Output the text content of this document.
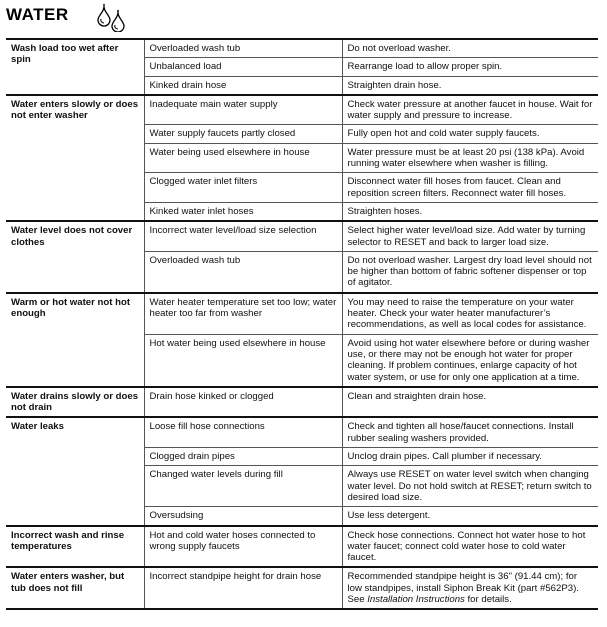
WATER
Wash load too wet after spin	Overloaded wash tub	Do not overload washer.
	Unbalanced load	Rearrange load to allow proper spin.
	Kinked drain hose	Straighten drain hose.
Water enters slowly or does not enter washer	Inadequate main water supply	Check water pressure at another faucet in house. Wait for water supply and pressure to increase.
	Water supply faucets partly closed	Fully open hot and cold water supply faucets.
	Water being used elsewhere in house	Water pressure must be at least 20 psi (138 kPa). Avoid running water elsewhere when washer is filling.
	Clogged water inlet filters	Disconnect water fill hoses from faucet. Clean and reposition screen filters. Reconnect water fill hoses.
	Kinked water inlet hoses	Straighten hoses.
Water level does not cover clothes	Incorrect water level/load size selection	Select higher water level/load size. Add water by turning selector to RESET and back to larger load size.
	Overloaded wash tub	Do not overload washer. Largest dry load level should not be higher than bottom of fabric softener dispenser or top of agitator.
Warm or hot water not hot enough	Water heater temperature set too low; water heater too far from washer	You may need to raise the temperature on your water heater. Check your water heater manufacturer’s recommendations, as well as local codes for assistance.
	Hot water being used elsewhere in house	Avoid using hot water elsewhere before or during washer use, or there may not be enough hot water for proper cleaning. If problem continues, enlarge capacity of hot water system, or use for only one application at a time.
Water drains slowly or does not drain	Drain hose kinked or clogged	Clean and straighten drain hose.
Water leaks	Loose fill hose connections	Check and tighten all hose/faucet connections. Install rubber sealing washers provided.
	Clogged drain pipes	Unclog drain pipes. Call plumber if necessary.
	Changed water levels during fill	Always use RESET on water level switch when changing water level. Do not hold switch at RESET; return switch to desired load size.
	Oversudsing	Use less detergent.
Incorrect wash and rinse temperatures	Hot and cold water hoses connected to wrong supply faucets	Check hose connections. Connect hot water hose to hot water faucet; connect cold water hose to cold water faucet.
Water enters washer, but tub does not fill	Incorrect standpipe height for drain hose	Recommended standpipe height is 36" (91.44 cm); for low standpipes, install Siphon Break Kit (part #562P3). See Installation Instructions for details.
